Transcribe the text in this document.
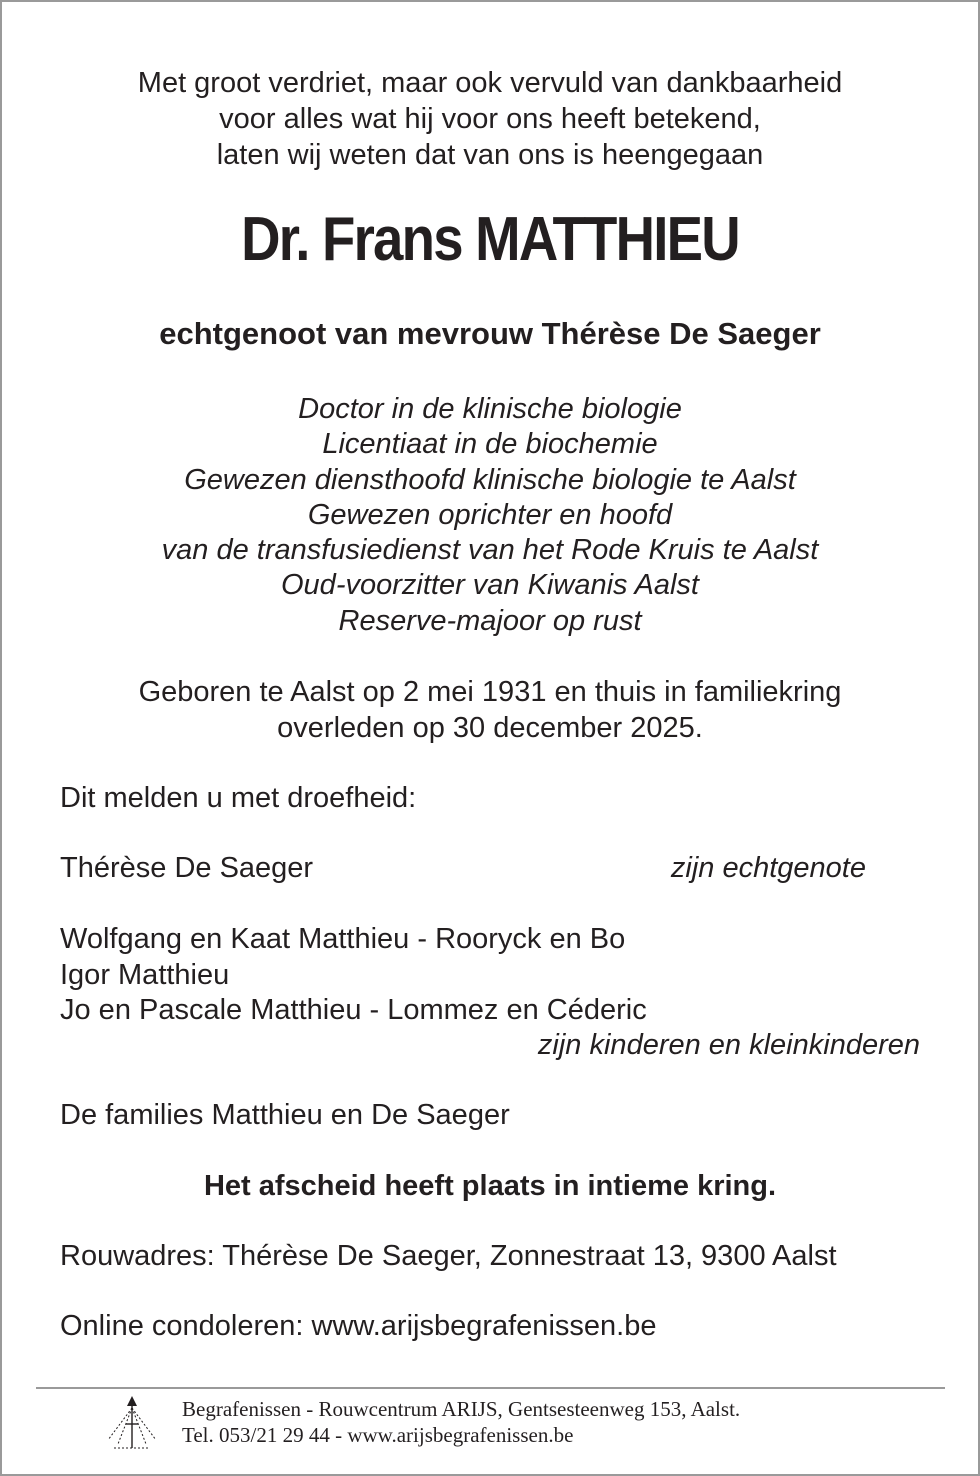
Met groot verdriet, maar ook vervuld van dankbaarheid
voor alles wat hij voor ons heeft betekend,
laten wij weten dat van ons is heengegaan
Dr. Frans MATTHIEU
echtgenoot van mevrouw Thérèse De Saeger
Doctor in de klinische biologie
Licentiaat in de biochemie
Gewezen diensthoofd klinische biologie te Aalst
Gewezen oprichter en hoofd
van de transfusiedienst van het Rode Kruis te Aalst
Oud-voorzitter van Kiwanis Aalst
Reserve-majoor op rust
Geboren te Aalst op 2 mei 1931 en thuis in familiekring
overleden op 30 december 2025.
Dit melden u met droefheid:
Thérèse De Saeger	zijn echtgenote
Wolfgang en Kaat Matthieu - Rooryck en Bo
Igor Matthieu
Jo en Pascale Matthieu - Lommez en Céderic
zijn kinderen en kleinkinderen
De families Matthieu en De Saeger
Het afscheid heeft plaats in intieme kring.
Rouwadres: Thérèse De Saeger, Zonnestraat 13, 9300 Aalst
Online condoleren: www.arijsbegrafenissen.be
Begrafenissen - Rouwcentrum ARIJS, Gentsesteenweg 153, Aalst.
Tel. 053/21 29 44 - www.arijsbegrafenissen.be
